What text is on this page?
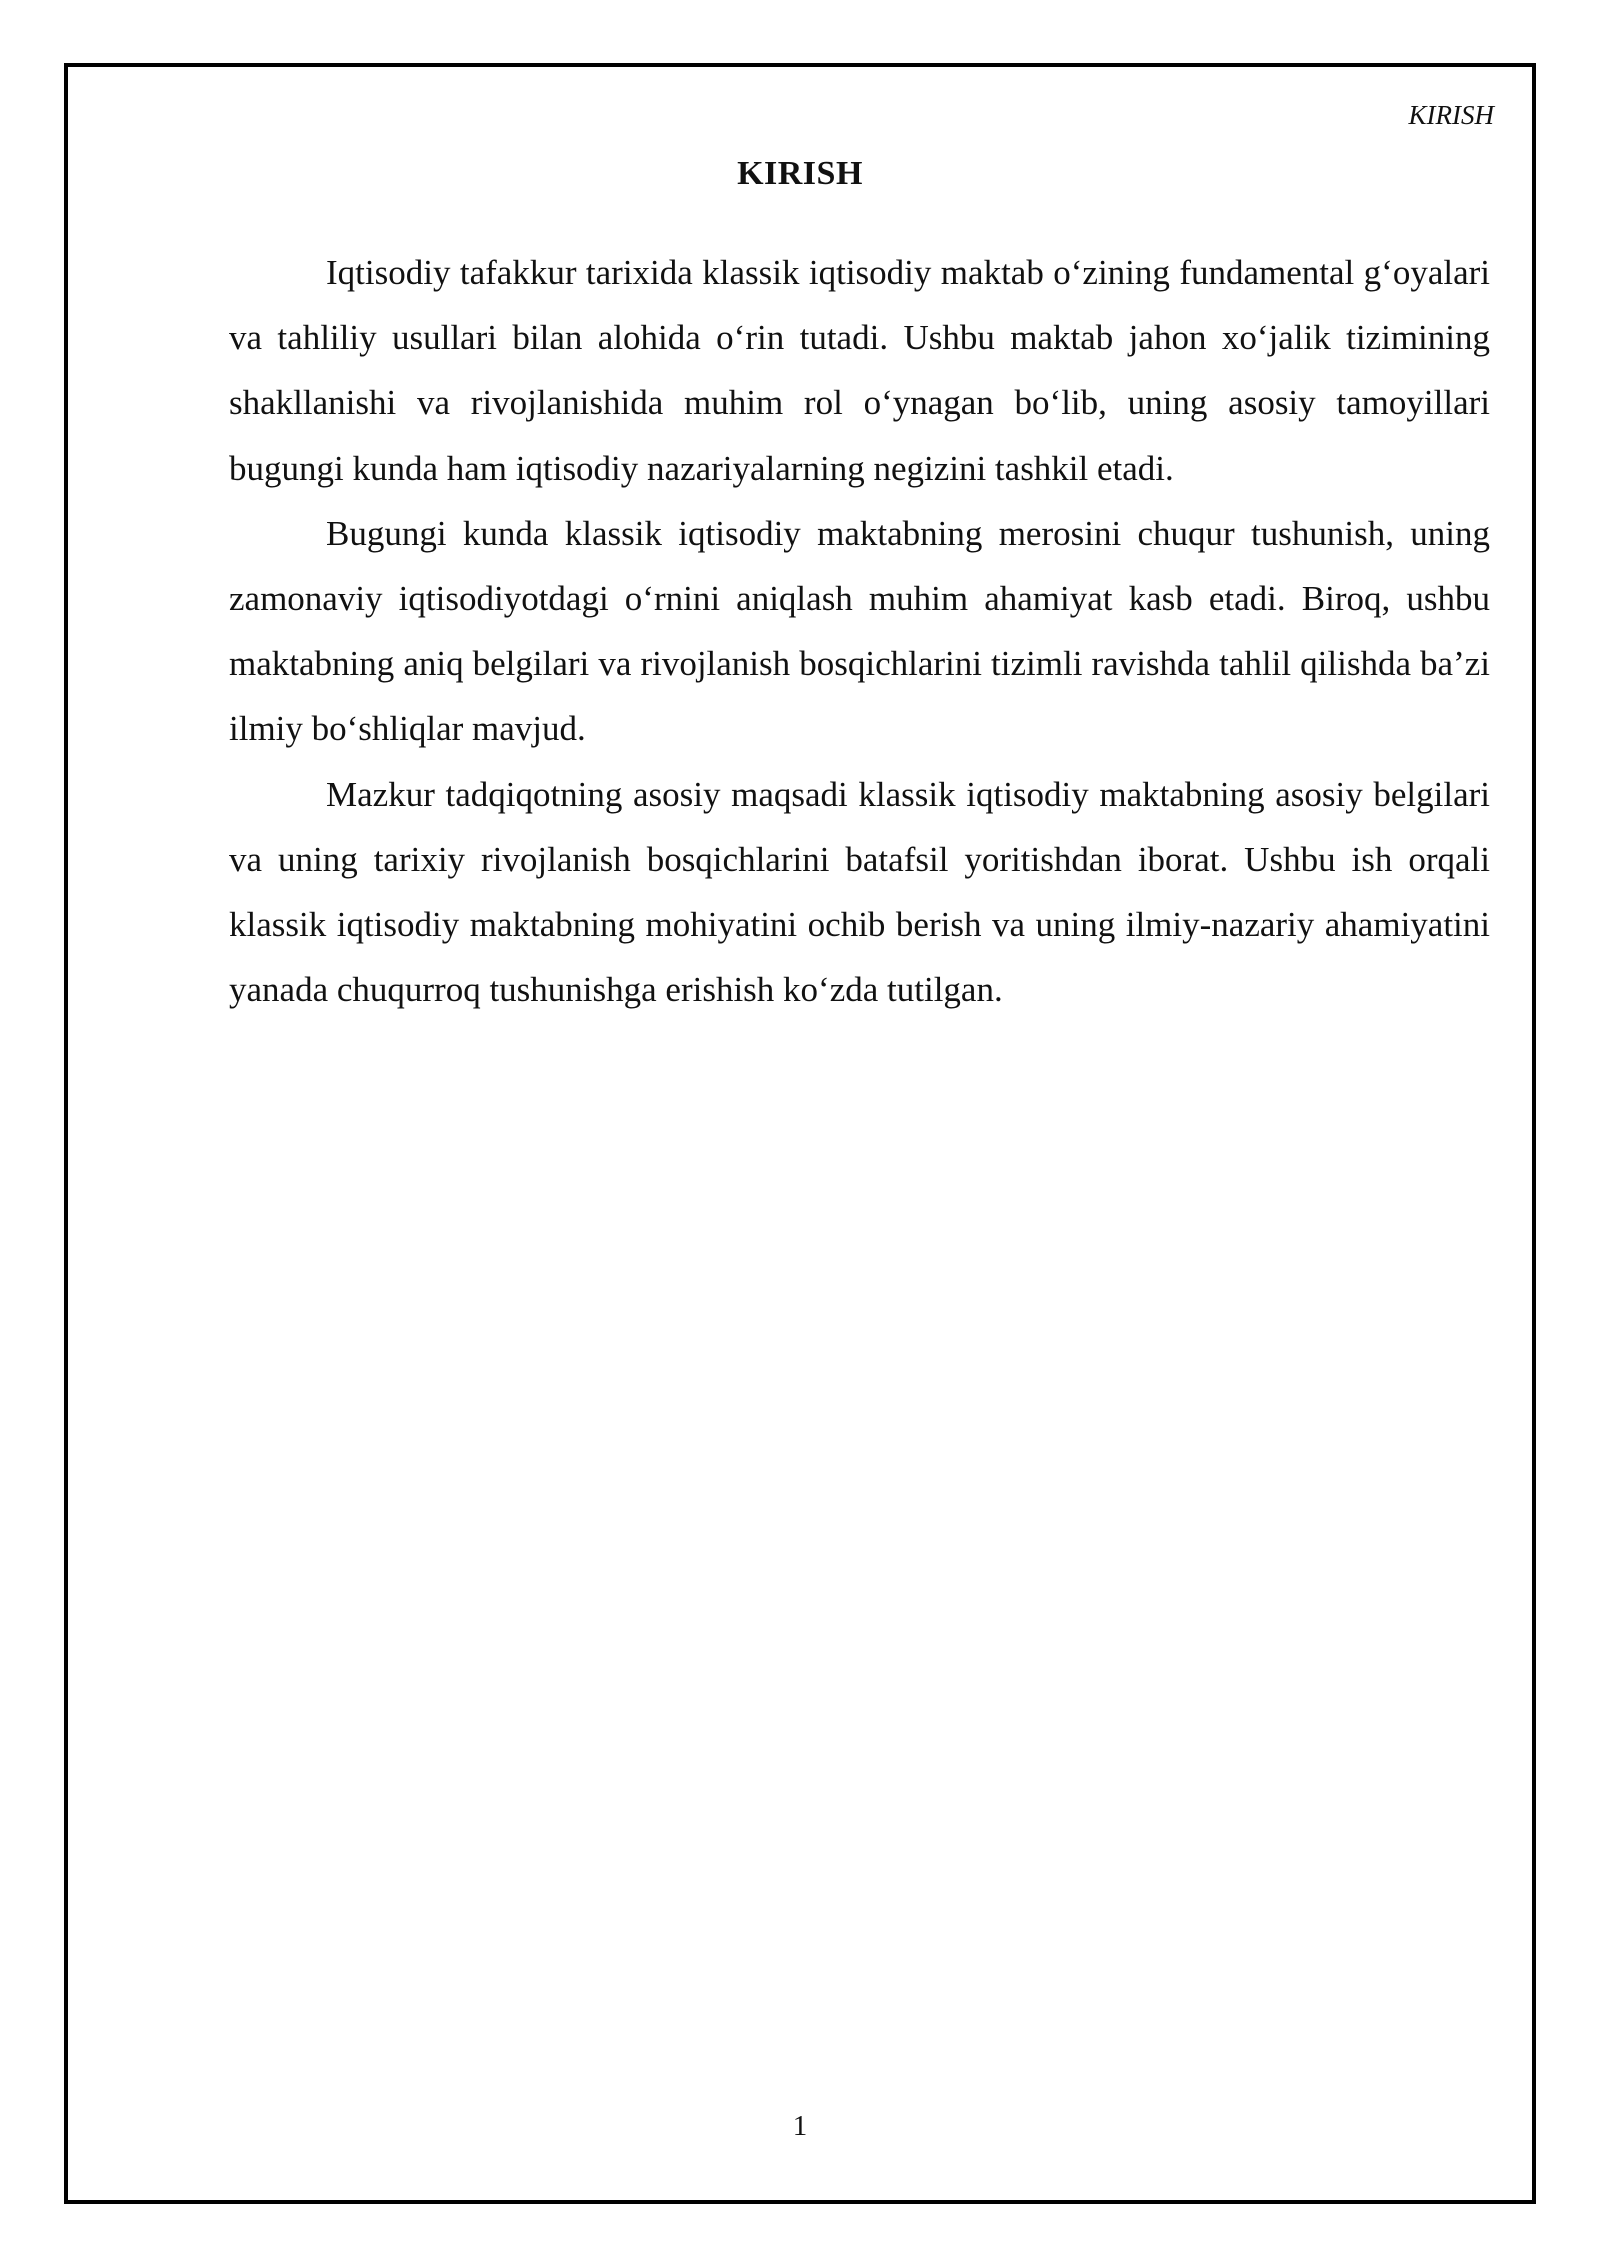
KIRISH
KIRISH

Iqtisodiy tafakkur tarixida klassik iqtisodiy maktab o‘zining fundamental g‘oyalari va tahliliy usullari bilan alohida o‘rin tutadi. Ushbu maktab jahon xo‘jalik tizimining shakllanishi va rivojlanishida muhim rol o‘ynagan bo‘lib, uning asosiy tamoyillari bugungi kunda ham iqtisodiy nazariyalarning negizini tashkil etadi.

Bugungi kunda klassik iqtisodiy maktabning merosini chuqur tushunish, uning zamonaviy iqtisodiyotdagi o‘rnini aniqlash muhim ahamiyat kasb etadi. Biroq, ushbu maktabning aniq belgilari va rivojlanish bosqichlarini tizimli ravishda tahlil qilishda ba’zi ilmiy bo‘shliqlar mavjud.

Mazkur tadqiqotning asosiy maqsadi klassik iqtisodiy maktabning asosiy belgilari va uning tarixiy rivojlanish bosqichlarini batafsil yoritishdan iborat. Ushbu ish orqali klassik iqtisodiy maktabning mohiyatini ochib berish va uning ilmiy-nazariy ahamiyatini yanada chuqurroq tushunishga erishish ko‘zda tutilgan.

1
